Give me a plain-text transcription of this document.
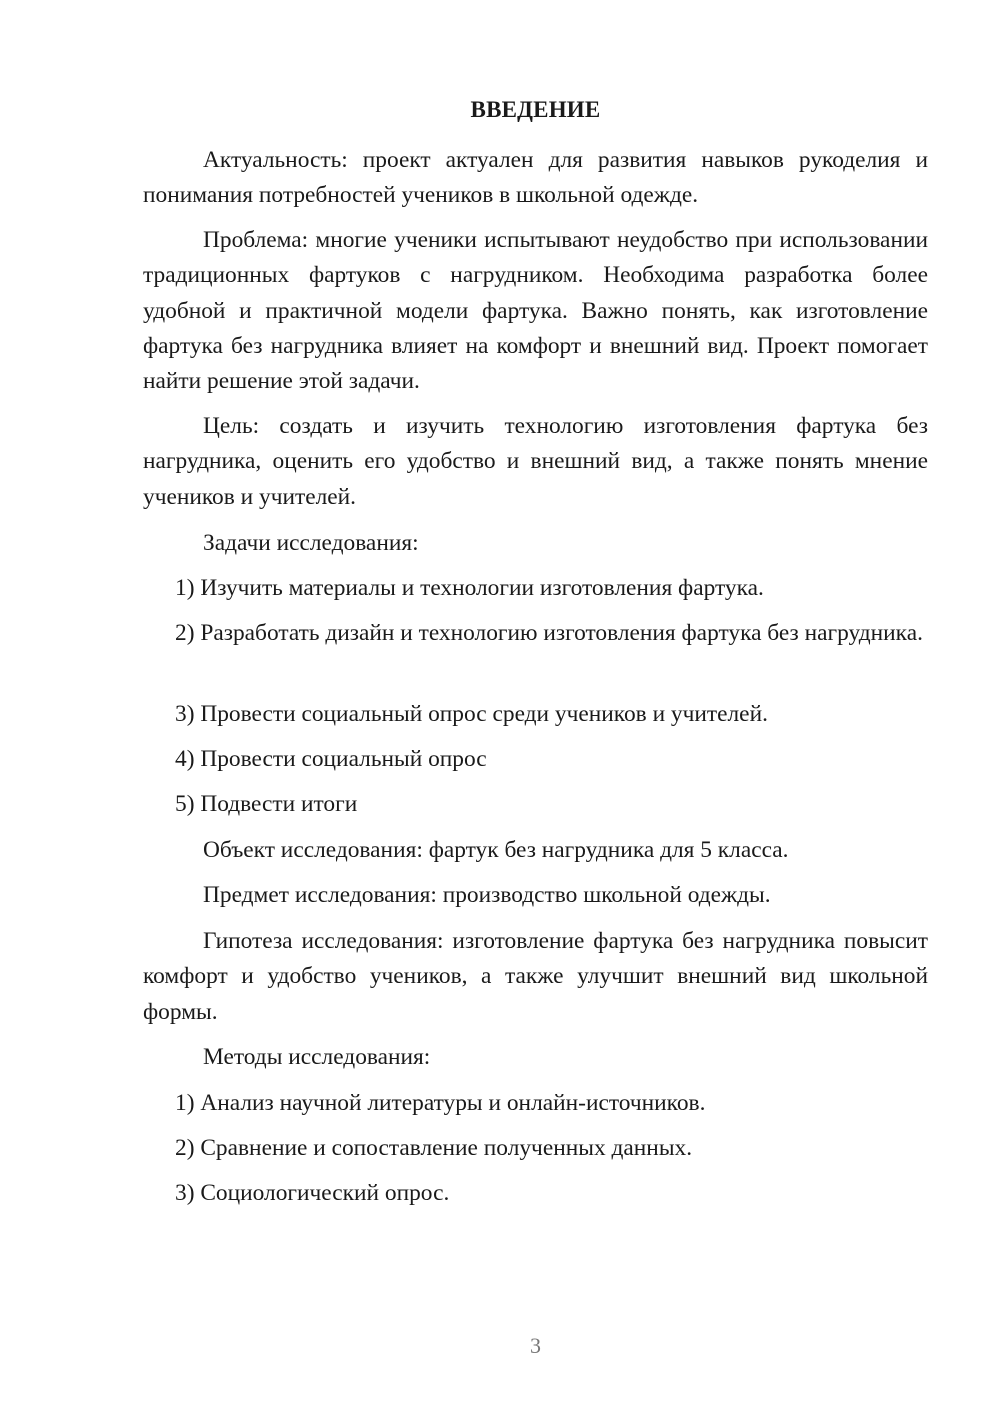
ВВЕДЕНИЕ
Актуальность: проект актуален для развития навыков рукоделия и понимания потребностей учеников в школьной одежде.
Проблема: многие ученики испытывают неудобство при использовании традиционных фартуков с нагрудником. Необходима разработка более удобной и практичной модели фартука. Важно понять, как изготовление фартука без нагрудника влияет на комфорт и внешний вид. Проект помогает найти решение этой задачи.
Цель: создать и изучить технологию изготовления фартука без нагрудника, оценить его удобство и внешний вид, а также понять мнение учеников и учителей.
Задачи исследования:
1) Изучить материалы и технологии изготовления фартука.
2) Разработать дизайн и технологию изготовления фартука без нагрудника.
3) Провести социальный опрос среди учеников и учителей.
4) Провести социальный опрос
5) Подвести итоги
Объект исследования: фартук без нагрудника для 5 класса.
Предмет исследования: производство школьной одежды.
Гипотеза исследования: изготовление фартука без нагрудника повысит комфорт и удобство учеников, а также улучшит внешний вид школьной формы.
Методы исследования:
1) Анализ научной литературы и онлайн-источников.
2) Сравнение и сопоставление полученных данных.
3) Социологический опрос.
3
